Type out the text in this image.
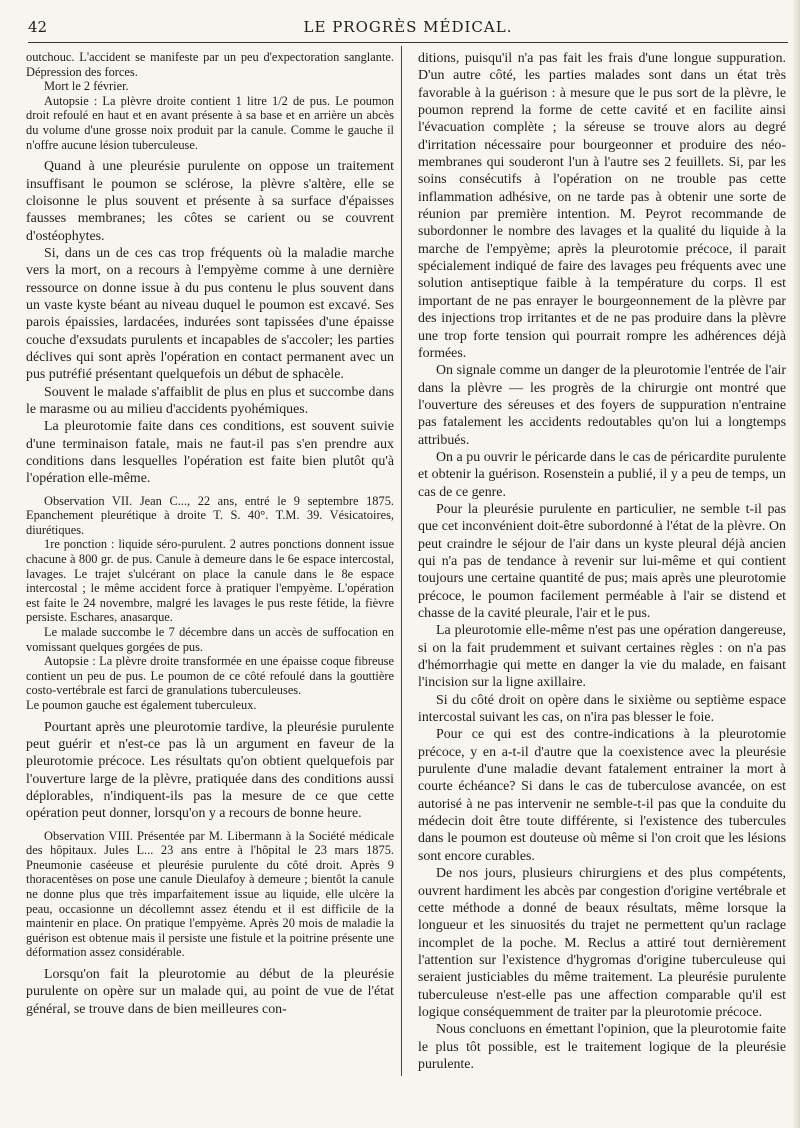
42	LE PROGRÈS MÉDICAL.

outchouc. L'accident se manifeste par un peu d'expectoration sanglante. Dépression des forces.

Mort le 2 février.

Autopsie : La plèvre droite contient 1 litre 1/2 de pus. Le poumon droit refoulé en haut et en avant présente à sa base et en arrière un abcès du volume d'une grosse noix produit par la canule. Comme le gauche il n'offre aucune lésion tuberculeuse.

Quand à une pleurésie purulente on oppose un traitement insuffisant le poumon se sclérose, la plèvre s'altère, elle se cloisonne le plus souvent et présente à sa surface d'épaisses fausses membranes; les côtes se carient ou se couvrent d'ostéophytes.

Si, dans un de ces cas trop fréquents où la maladie marche vers la mort, on a recours à l'empyème comme à une dernière ressource on donne issue à du pus contenu le plus souvent dans un vaste kyste béant au niveau duquel le poumon est excavé. Ses parois épaissies, lardacées, indurées sont tapissées d'une épaisse couche d'exsudats purulents et incapables de s'accoler; les parties déclives qui sont après l'opération en contact permanent avec un pus putréfié présentant quelquefois un début de sphacèle.

Souvent le malade s'affaiblit de plus en plus et succombe dans le marasme ou au milieu d'accidents pyohémiques.

La pleurotomie faite dans ces conditions, est souvent suivie d'une terminaison fatale, mais ne faut-il pas s'en prendre aux conditions dans lesquelles l'opération est faite bien plutôt qu'à l'opération elle-même.

Observation VII. Jean C..., 22 ans, entré le 9 septembre 1875. Epanchement pleurétique à droite T. S. 40°. T.M. 39. Vésicatoires, diurétiques.

1re ponction : liquide séro-purulent. 2 autres ponctions donnent issue chacune à 800 gr. de pus. Canule à demeure dans le 6e espace intercostal, lavages. Le trajet s'ulcérant on place la canule dans le 8e espace intercostal ; le même accident force à pratiquer l'empyème. L'opération est faite le 24 novembre, malgré les lavages le pus reste fétide, la fièvre persiste. Eschares, anasarque.

Le malade succombe le 7 décembre dans un accès de suffocation en vomissant quelques gorgées de pus.

Autopsie : La plèvre droite transformée en une épaisse coque fibreuse contient un peu de pus. Le poumon de ce côté refoulé dans la gouttière costo-vertébrale est farci de granulations tuberculeuses.

Le poumon gauche est également tuberculeux.

Pourtant après une pleurotomie tardive, la pleurésie purulente peut guérir et n'est-ce pas là un argument en faveur de la pleurotomie précoce. Les résultats qu'on obtient quelquefois par l'ouverture large de la plèvre, pratiquée dans des conditions aussi déplorables, n'indiquent-ils pas la mesure de ce que cette opération peut donner, lorsqu'on y a recours de bonne heure.

Observation VIII. Présentée par M. Libermann à la Société médicale des hôpitaux. Jules L... 23 ans entre à l'hôpital le 23 mars 1875. Pneumonie caséeuse et pleurésie purulente du côté droit. Après 9 thoracentèses on pose une canule Dieulafoy à demeure ; bientôt la canule ne donne plus que très imparfaitement issue au liquide, elle ulcère la peau, occasionne un décollemnt assez étendu et il est difficile de la maintenir en place. On pratique l'empyème. Après 20 mois de maladie la guérison est obtenue mais il persiste une fistule et la poitrine présente une déformation assez considérable.

Lorsqu'on fait la pleurotomie au début de la pleurésie purulente on opère sur un malade qui, au point de vue de l'état général, se trouve dans de bien meilleures con-

ditions, puisqu'il n'a pas fait les frais d'une longue suppuration. D'un autre côté, les parties malades sont dans un état très favorable à la guérison : à mesure que le pus sort de la plèvre, le poumon reprend la forme de cette cavité et en facilite ainsi l'évacuation complète ; la séreuse se trouve alors au degré d'irritation nécessaire pour bourgeonner et produire des néo-membranes qui souderont l'un à l'autre ses 2 feuillets. Si, par les soins consécutifs à l'opération on ne trouble pas cette inflammation adhésive, on ne tarde pas à obtenir une sorte de réunion par première intention. M. Peyrot recommande de subordonner le nombre des lavages et la qualité du liquide à la marche de l'empyème; après la pleurotomie précoce, il parait spécialement indiqué de faire des lavages peu fréquents avec une solution antiseptique faible à la température du corps. Il est important de ne pas enrayer le bourgeonnement de la plèvre par des injections trop irritantes et de ne pas produire dans la plèvre une trop forte tension qui pourrait rompre les adhérences déjà formées.

On signale comme un danger de la pleurotomie l'entrée de l'air dans la plèvre — les progrès de la chirurgie ont montré que l'ouverture des séreuses et des foyers de suppuration n'entraine pas fatalement les accidents redoutables qu'on lui a longtemps attribués.

On a pu ouvrir le péricarde dans le cas de péricardite purulente et obtenir la guérison. Rosenstein a publié, il y a peu de temps, un cas de ce genre.

Pour la pleurésie purulente en particulier, ne semble t-il pas que cet inconvénient doit-être subordonné à l'état de la plèvre. On peut craindre le séjour de l'air dans un kyste pleural déjà ancien qui n'a pas de tendance à revenir sur lui-même et qui contient toujours une certaine quantité de pus; mais après une pleurotomie précoce, le poumon facilement perméable à l'air se distend et chasse de la cavité pleurale, l'air et le pus.

La pleurotomie elle-même n'est pas une opération dangereuse, si on la fait prudemment et suivant certaines règles : on n'a pas d'hémorrhagie qui mette en danger la vie du malade, en faisant l'incision sur la ligne axillaire.

Si du côté droit on opère dans le sixième ou septième espace intercostal suivant les cas, on n'ira pas blesser le foie.

Pour ce qui est des contre-indications à la pleurotomie précoce, y en a-t-il d'autre que la coexistence avec la pleurésie purulente d'une maladie devant fatalement entrainer la mort à courte échéance? Si dans le cas de tuberculose avancée, on est autorisé à ne pas intervenir ne semble-t-il pas que la conduite du médecin doit être toute différente, si l'existence des tubercules dans le poumon est douteuse où même si l'on croit que les lésions sont encore curables.

De nos jours, plusieurs chirurgiens et des plus compétents, ouvrent hardiment les abcès par congestion d'origine vertébrale et cette méthode a donné de beaux résultats, même lorsque la longueur et les sinuosités du trajet ne permettent qu'un raclage incomplet de la poche. M. Reclus a attiré tout dernièrement l'attention sur l'existence d'hygromas d'origine tuberculeuse qui seraient justiciables du même traitement. La pleurésie purulente tuberculeuse n'est-elle pas une affection comparable qu'il est logique conséquemment de traiter par la pleurotomie précoce.

Nous concluons en émettant l'opinion, que la pleurotomie faite le plus tôt possible, est le traitement logique de la pleurésie purulente.
